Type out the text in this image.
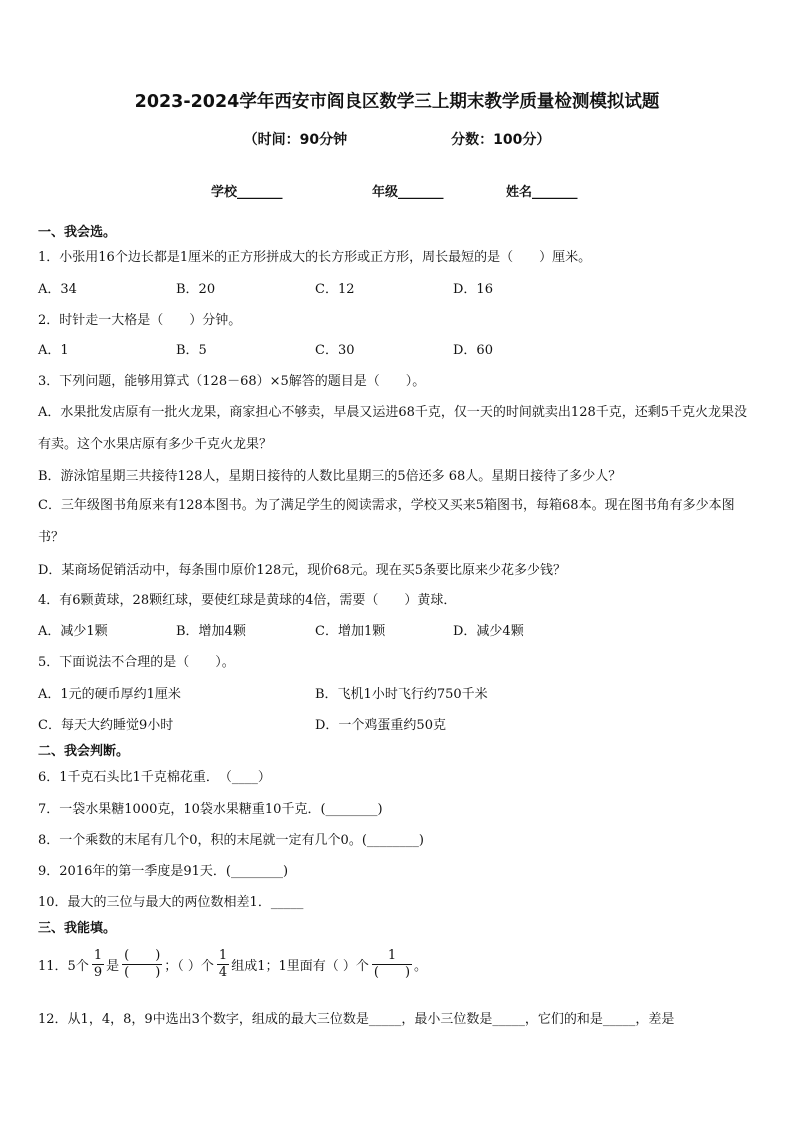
2023-2024学年西安市阎良区数学三上期末教学质量检测模拟试题
（时间：90分钟	分数：100分）
学校_______	年级_______	姓名_______
一、我会选。
1．小张用16个边长都是1厘米的正方形拼成大的长方形或正方形，周长最短的是（　　）厘米。
A．34	B．20	C．12	D．16
2．时针走一大格是（　　）分钟。
A．1	B．5	C．30	D．60
3．下列问题，能够用算式（128－68）×5解答的题目是（　　）。
A．水果批发店原有一批火龙果，商家担心不够卖，早晨又运进68千克，仅一天的时间就卖出128千克，还剩5千克火龙果没有卖。这个水果店原有多少千克火龙果？
B．游泳馆星期三共接待128人，星期日接待的人数比星期三的5倍还多 68人。星期日接待了多少人？
C．三年级图书角原来有128本图书。为了满足学生的阅读需求，学校又买来5箱图书，每箱68本。现在图书角有多少本图书？
D．某商场促销活动中，每条围巾原价128元，现价68元。现在买5条要比原来少花多少钱？
4．有6颗黄球，28颗红球，要使红球是黄球的4倍，需要（　　）黄球．
A．减少1颗	B．增加4颗	C．增加1颗	D．减少4颗
5．下面说法不合理的是（　　）。
A．1元的硬币厚约1厘米	B．飞机1小时飞行约750千米
C．每天大约睡觉9小时	D．一个鸡蛋重约50克
二、我会判断。
6．1千克石头比1千克棉花重．　（____）
7．一袋水果糖1000克，10袋水果糖重10千克．(________)
8．一个乘数的末尾有几个0，积的末尾就一定有几个0。(________)
9．2016年的第一季度是91天．(________)
10．最大的三位与最大的两位数相差1．_____
三、我能填。
11．5个 $\frac{1}{9}$ 是 $\frac{( )}{( )}$ ；（ ）个 $\frac{1}{4}$ 组成1；1里面有（ ）个 $\frac{1}{( )}$ 。
12．从1，4，8，9中选出3个数字，组成的最大三位数是_____，最小三位数是_____，它们的和是_____，差是
